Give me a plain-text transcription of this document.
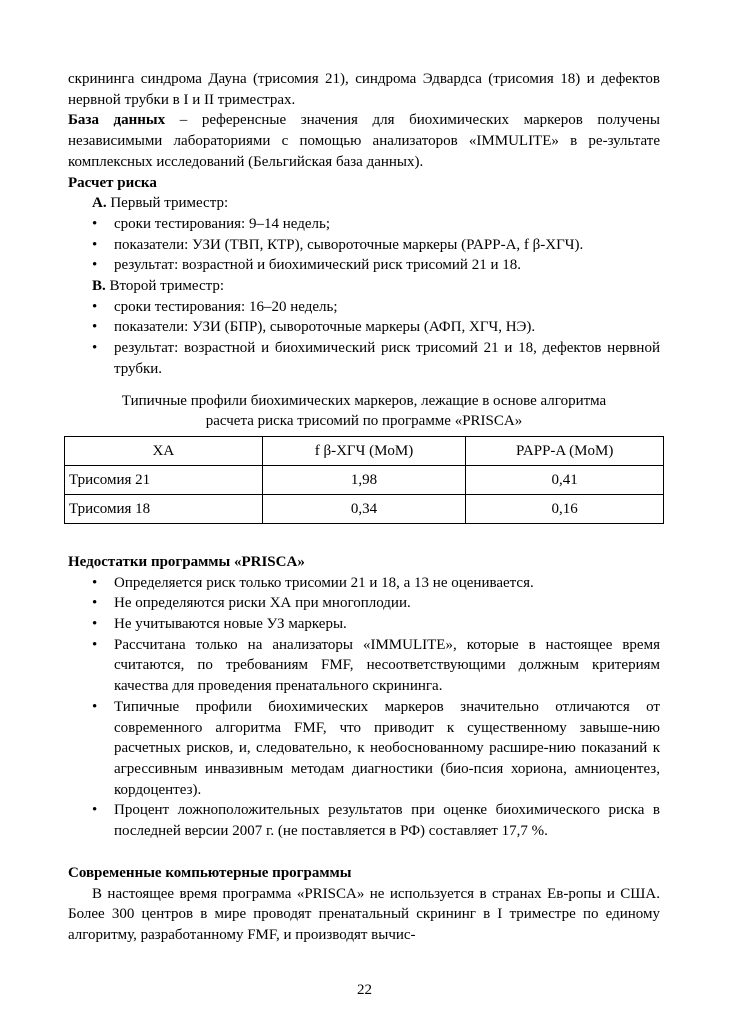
скрининга синдрома Дауна (трисомия 21), синдрома Эдвардса (трисомия 18) и дефектов нервной трубки в I и II триместрах.

База данных – референсные значения для биохимических маркеров получены независимыми лабораториями с помощью анализаторов «IMMULITE» в ре-зультате комплексных исследований (Бельгийская база данных).

Расчет риска

А. Первый триместр:

• сроки тестирования: 9–14 недель;
• показатели: УЗИ (ТВП, КТР), сывороточные маркеры (PAPP-A, f β-ХГЧ).
• результат: возрастной и биохимический риск трисомий 21 и 18.

В. Второй триместр:

• сроки тестирования: 16–20 недель;
• показатели: УЗИ (БПР), сывороточные маркеры (АФП, ХГЧ, НЭ).
• результат: возрастной и биохимический риск трисомий 21 и 18, дефектов нервной трубки.

Типичные профили биохимических маркеров, лежащие в основе алгоритма расчета риска трисомий по программе «PRISCA»

ХА	f β-ХГЧ (MoM)	PAPP-A (MoM)
Трисомия 21	1,98	0,41
Трисомия 18	0,34	0,16

Недостатки программы «PRISCA»

• Определяется риск только трисомии 21 и 18, а 13 не оценивается.
• Не определяются риски ХА при многоплодии.
• Не учитываются новые УЗ маркеры.
• Рассчитана только на анализаторы «IMMULITE», которые в настоящее время считаются, по требованиям FMF, несоответствующими должным критериям качества для проведения пренатального скрининга.
• Типичные профили биохимических маркеров значительно отличаются от современного алгоритма FMF, что приводит к существенному завыше-нию расчетных рисков, и, следовательно, к необоснованному расшире-нию показаний к агрессивным инвазивным методам диагностики (био-псия хориона, амниоцентез, кордоцентез).
• Процент ложноположительных результатов при оценке биохимического риска в последней версии 2007 г. (не поставляется в РФ) составляет 17,7 %.

Современные компьютерные программы

В настоящее время программа «PRISCA» не используется в странах Ев-ропы и США. Более 300 центров в мире проводят пренатальный скрининг в I триместре по единому алгоритму, разработанному FMF, и производят вычис-

22
